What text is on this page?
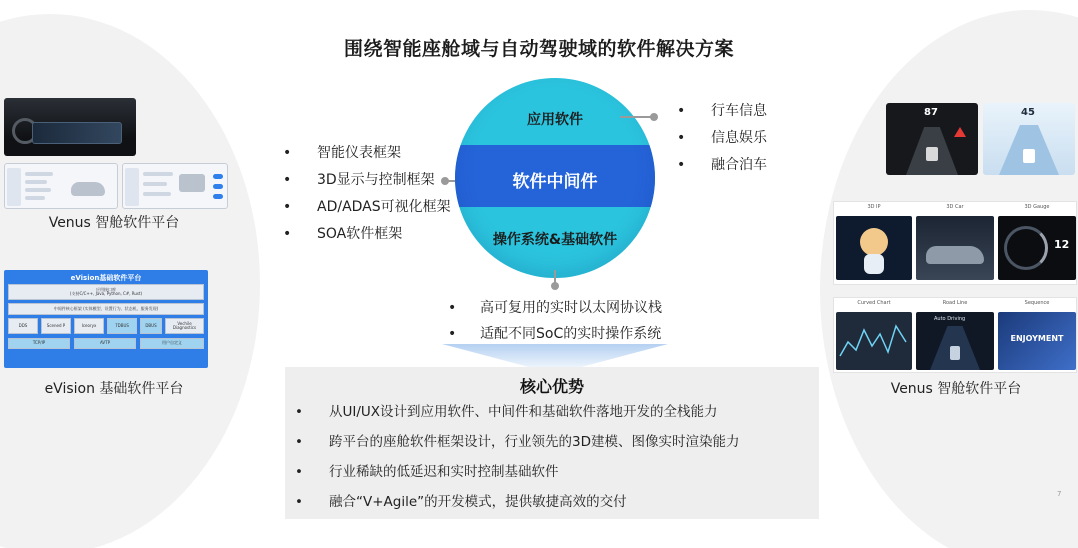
围绕智能座舱域与自动驾驶域的软件解决方案
Venus 智舱软件平台
eVision基础软件平台
应用接口库
(支持C/C++, Java, Python, C#, Rust)
中间件核心框架 (实体模型、设置行为、状态机、服务发现)
DDS	Scened P	Iceoryx	7DBUS	DBUS	Vechile Diagnostics
TCP/IP	AVTP	用户自定义
eVision 基础软件平台
• 智能仪表框架
• 3D显示与控制框架
• AD/ADAS可视化框架
• SOA软件框架
应用软件
软件中间件
操作系统&基础软件
• 行车信息
• 信息娱乐
• 融合泊车
• 高可复用的实时以太网协议栈
• 适配不同SoC的实时操作系统
核心优势
• 从UI/UX设计到应用软件、中间件和基础软件落地开发的全栈能力
• 跨平台的座舱软件框架设计，行业领先的3D建模、图像实时渲染能力
• 行业稀缺的低延迟和实时控制基础软件
• 融合“V+Agile”的开发模式，提供敏捷高效的交付
87	45
3D IP	3D Car	3D Gauge
12
Curved Chart	Road Line	Sequence
Auto Driving
ENJOYMENT
Venus 智舱软件平台
7
